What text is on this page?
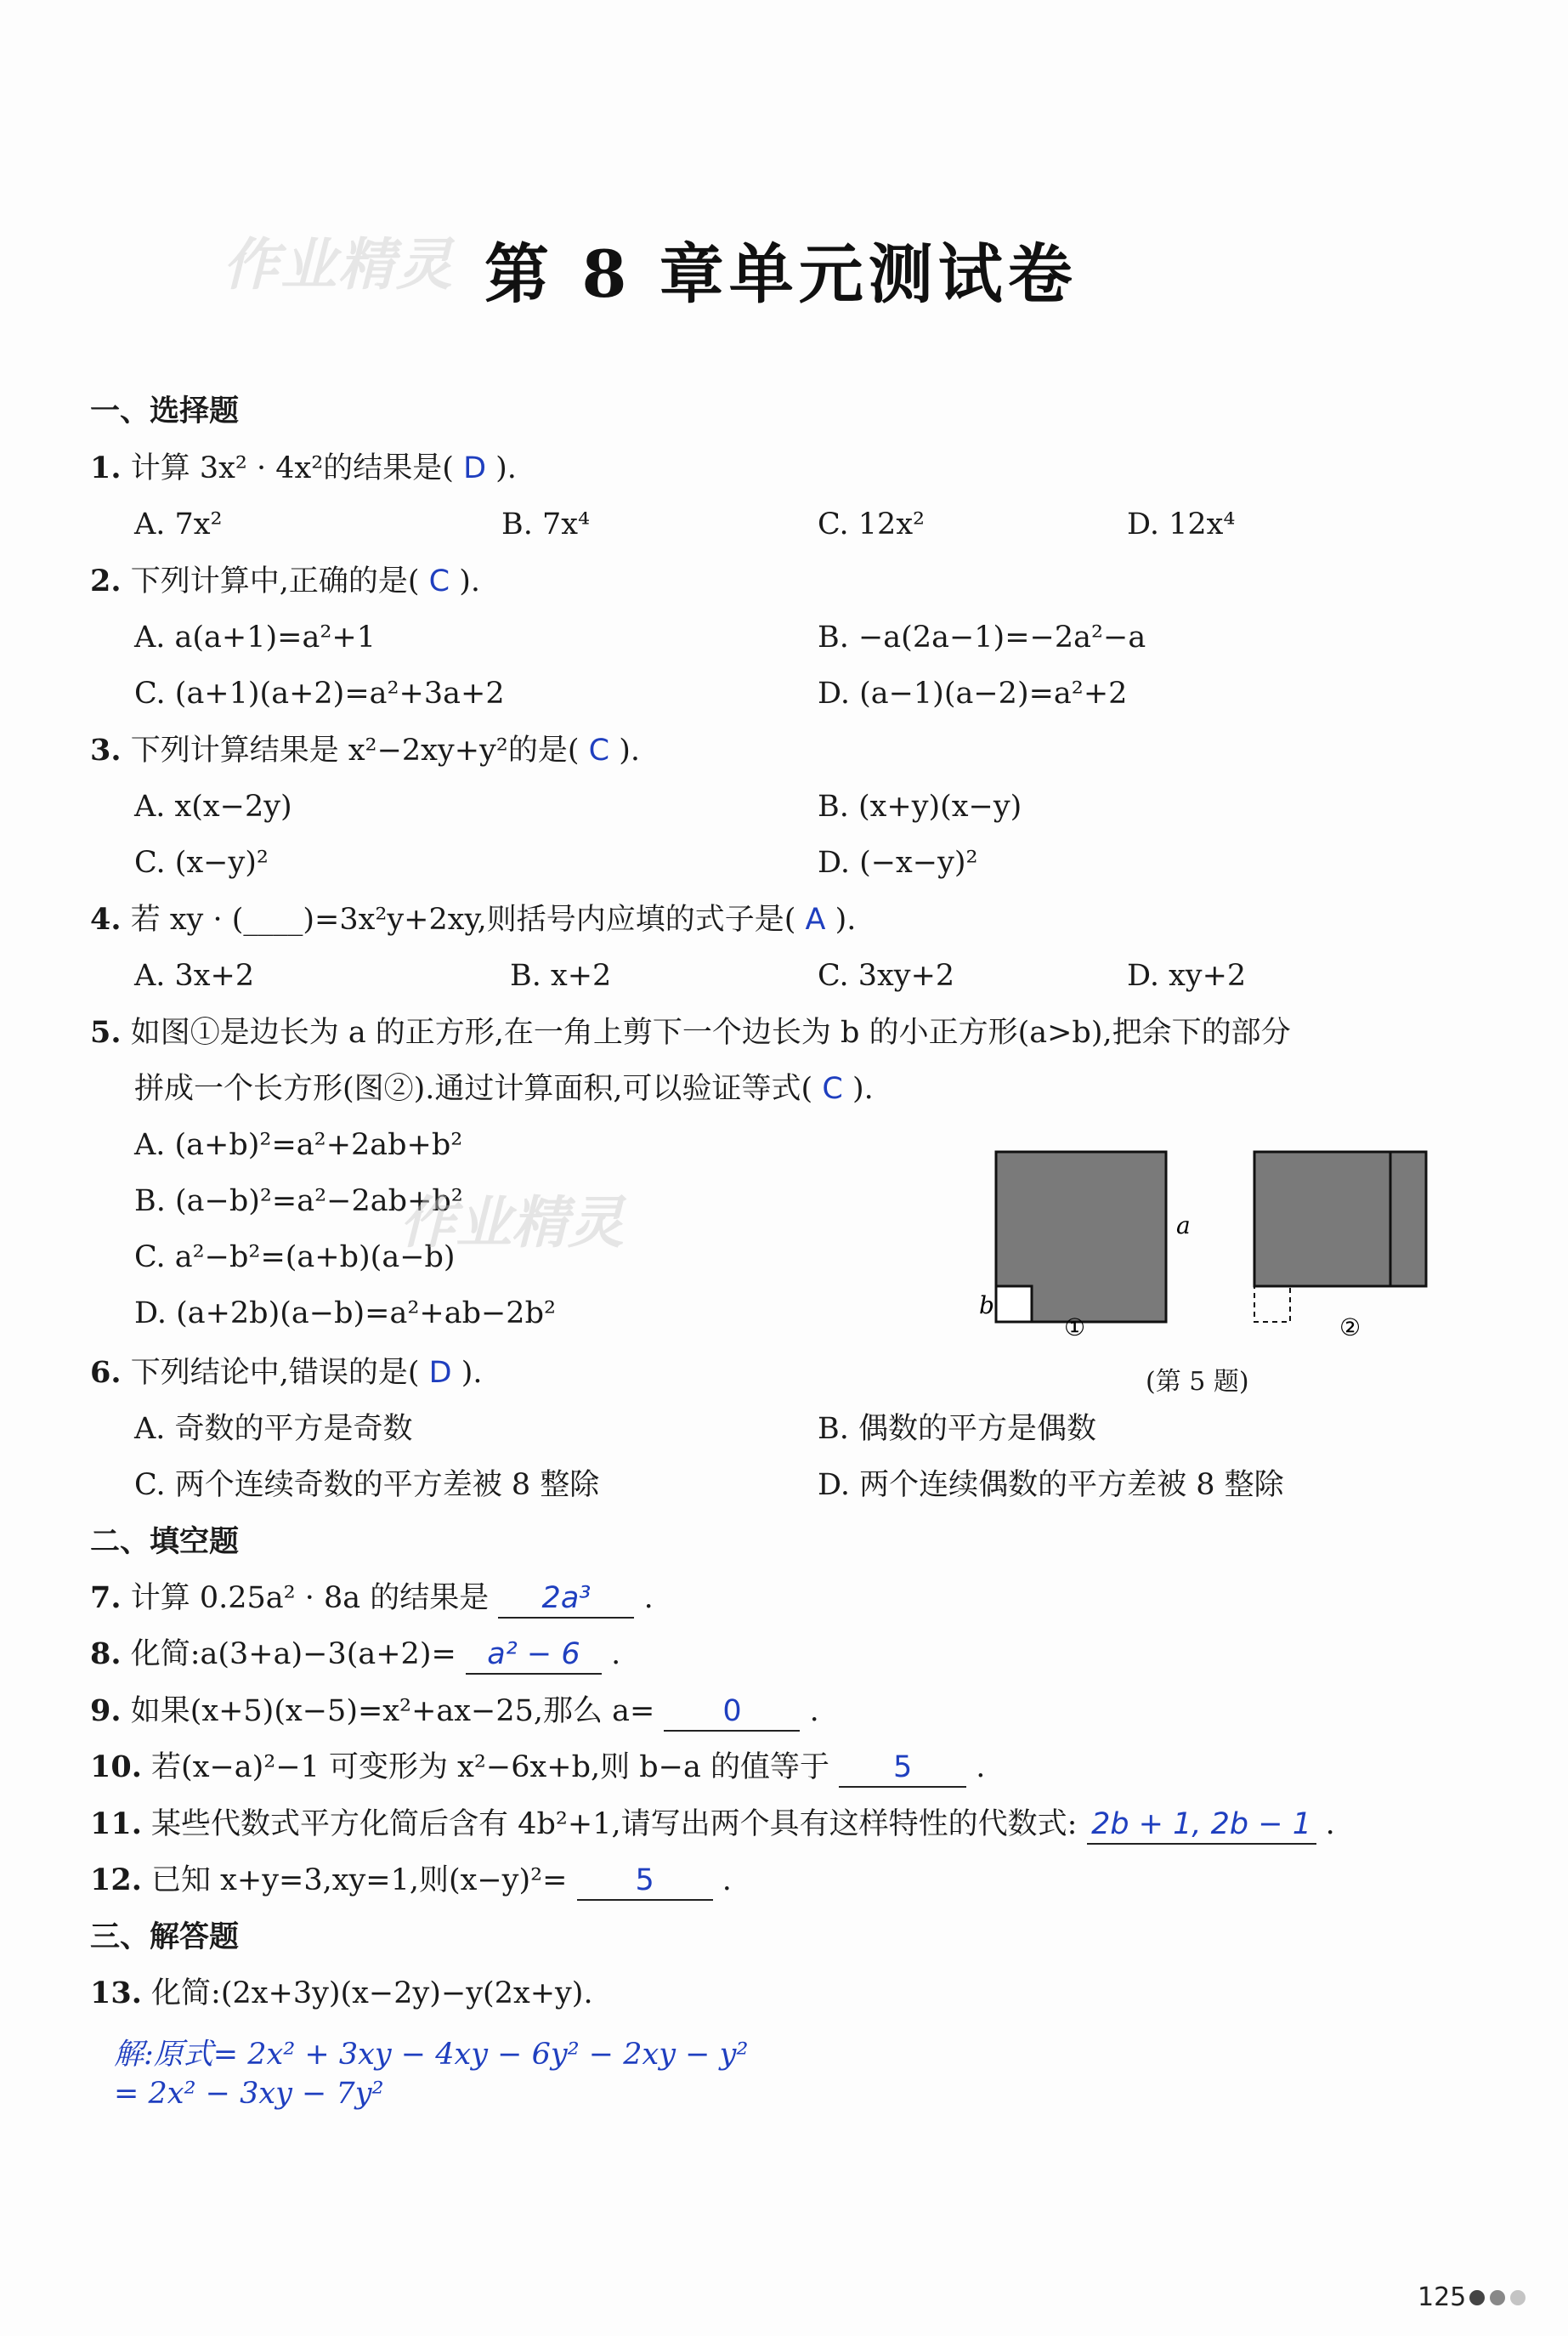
作业精灵 第 8 章单元测试卷
一、选择题
1. 计算 3x² · 4x²的结果是( D ).
A. 7x²	B. 7x⁴	C. 12x²	D. 12x⁴
2. 下列计算中,正确的是( C ).
A. a(a+1)=a²+1	B. −a(2a−1)=−2a²−a
C. (a+1)(a+2)=a²+3a+2	D. (a−1)(a−2)=a²+2
3. 下列计算结果是 x²−2xy+y²的是( C ).
A. x(x−2y)	B. (x+y)(x−y)
C. (x−y)²	D. (−x−y)²
4. 若 xy · (____)=3x²y+2xy,则括号内应填的式子是( A ).
A. 3x+2	B. x+2	C. 3xy+2	D. xy+2
5. 如图①是边长为 a 的正方形,在一角上剪下一个边长为 b 的小正方形(a>b),把余下的部分
拼成一个长方形(图②).通过计算面积,可以验证等式( C ).
A. (a+b)²=a²+2ab+b²
B. (a−b)²=a²−2ab+b²
C. a²−b²=(a+b)(a−b)
D. (a+2b)(a−b)=a²+ab−2b²
作业精灵	a
b
①	②
(第 5 题)
6. 下列结论中,错误的是( D ).
A. 奇数的平方是奇数	B. 偶数的平方是偶数
C. 两个连续奇数的平方差被 8 整除	D. 两个连续偶数的平方差被 8 整除
二、填空题
7. 计算 0.25a² · 8a 的结果是 2a³ .
8. 化简:a(3+a)−3(a+2)= a² − 6 .
9. 如果(x+5)(x−5)=x²+ax−25,那么 a= 0 .
10. 若(x−a)²−1 可变形为 x²−6x+b,则 b−a 的值等于 5 .
11. 某些代数式平方化简后含有 4b²+1,请写出两个具有这样特性的代数式: 2b + 1, 2b − 1 .
12. 已知 x+y=3,xy=1,则(x−y)²= 5 .
三、解答题
13. 化简:(2x+3y)(x−2y)−y(2x+y).
解:原式= 2x² + 3xy − 4xy − 6y² − 2xy − y²
= 2x² − 3xy − 7y²
125
